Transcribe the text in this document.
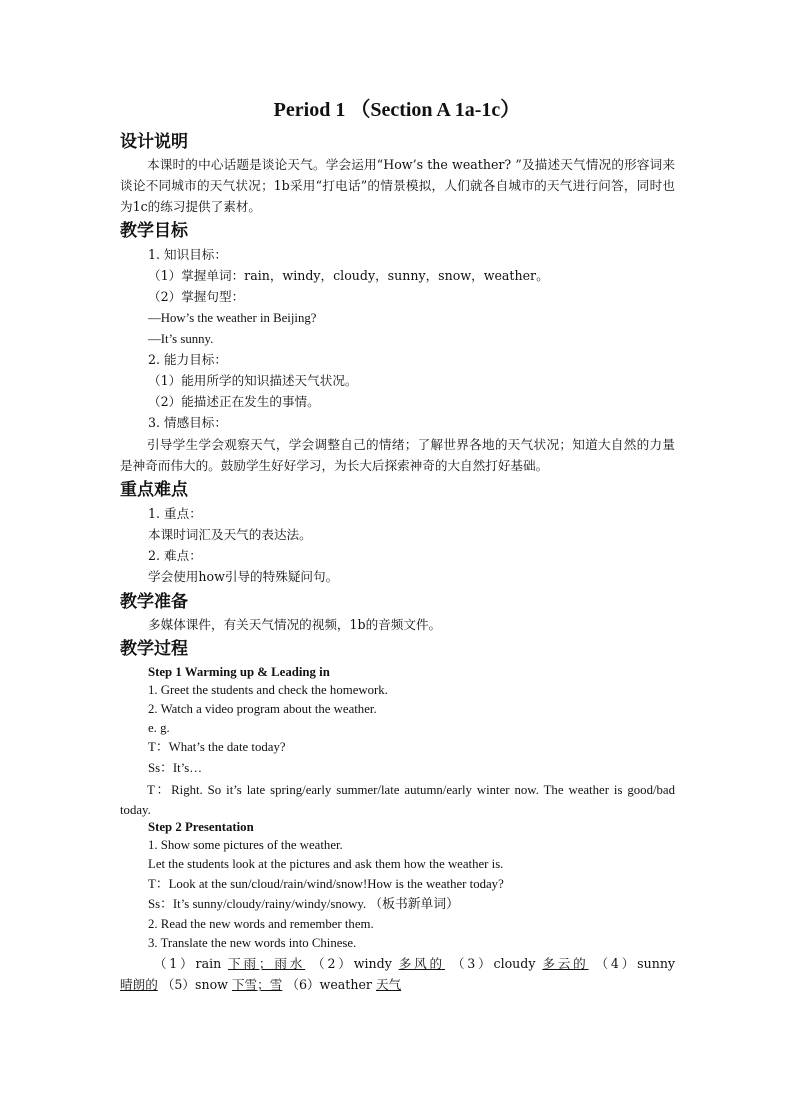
Period 1 （Section A 1a-1c）
设计说明
本课时的中心话题是谈论天气。学会运用“How’s the weather? ”及描述天气情况的形容词来谈论不同城市的天气状况；1b采用“打电话”的情景模拟，人们就各自城市的天气进行问答，同时也为1c的练习提供了素材。
教学目标
1. 知识目标：
（1）掌握单词：rain，windy，cloudy，sunny，snow，weather。
（2）掌握句型：
—How’s the weather in Beijing?
—It’s sunny.
2. 能力目标：
（1）能用所学的知识描述天气状况。
（2）能描述正在发生的事情。
3. 情感目标：
引导学生学会观察天气，学会调整自己的情绪；了解世界各地的天气状况；知道大自然的力量是神奇而伟大的。鼓励学生好好学习，为长大后探索神奇的大自然打好基础。
重点难点
1. 重点：
本课时词汇及天气的表达法。
2. 难点：
学会使用how引导的特殊疑问句。
教学准备
多媒体课件，有关天气情况的视频，1b的音频文件。
教学过程
Step 1 Warming up & Leading in
1. Greet the students and check the homework.
2. Watch a video program about the weather.
e. g.
T：What’s the date today?
Ss：It’s…
T：Right. So it’s late spring/early summer/late autumn/early winter now. The weather is good/bad today.
Step 2 Presentation
1. Show some pictures of the weather.
Let the students look at the pictures and ask them how the weather is.
T：Look at the sun/cloud/rain/wind/snow!How is the weather today?
Ss：It’s sunny/cloudy/rainy/windy/snowy. （板书新单词）
2. Read the new words and remember them.
3. Translate the new words into Chinese.
（1）rain 下雨；雨水 （2）windy 多风的 （3）cloudy 多云的 （4）sunny
晴朗的 （5）snow 下雪；雪 （6）weather 天气
